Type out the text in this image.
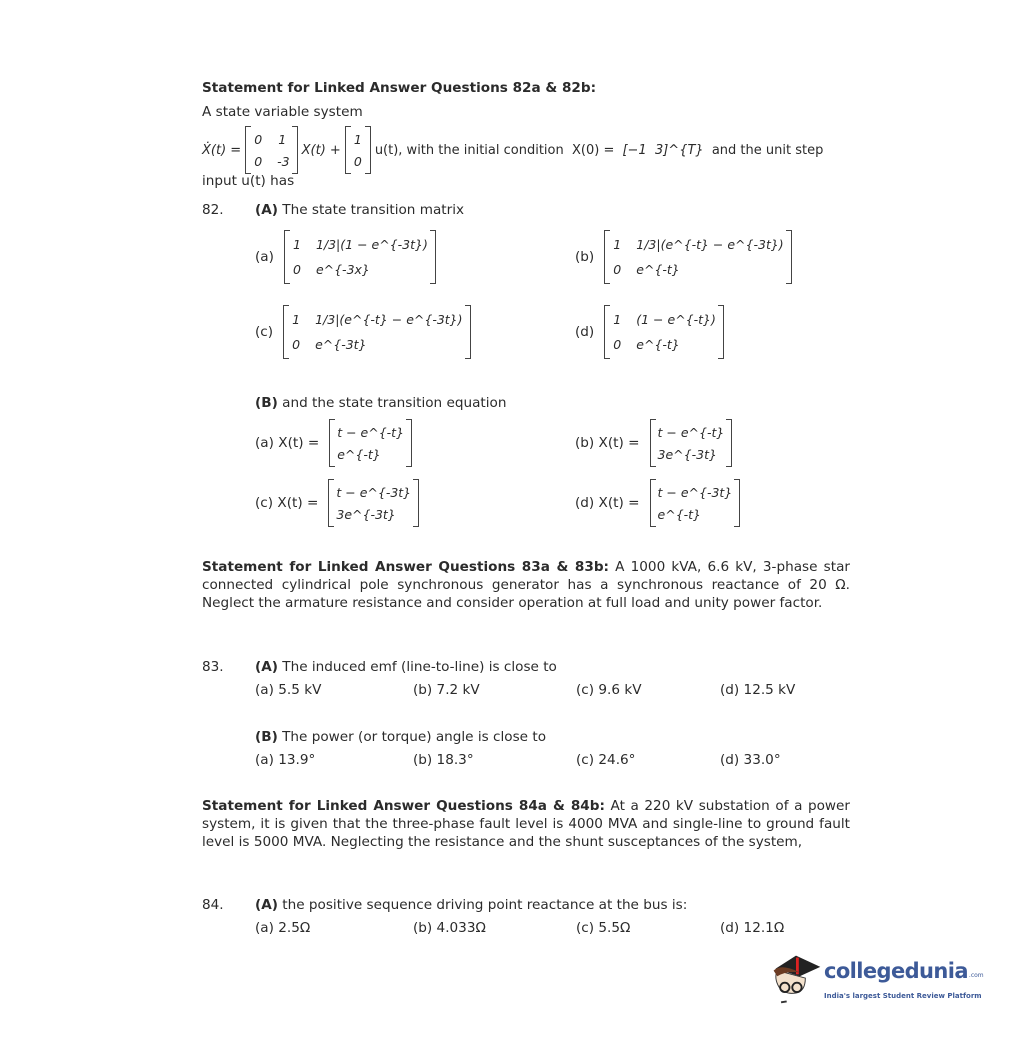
Statement for Linked Answer Questions 82a & 82b:
A state variable system
Ẋ(t) =
0 1
0 -3
X(t) +
1
0
u(t), with the initial condition  X(0) = [−1  3]^{T} and the unit step
input u(t) has
82. (A) The state transition matrix
(a)
1 1/3|(1 − e^{-3t})
0 e^{-3x}
(b)
1 1/3|(e^{-t} − e^{-3t})
0 e^{-t}
(c)
1 1/3|(e^{-t} − e^{-3t})
0 e^{-3t}
(d)
1 (1 − e^{-t})
0 e^{-t}
(B) and the state transition equation
(a) X(t) =
t − e^{-t}
e^{-t}
(b) X(t) =
t − e^{-t}
3e^{-3t}
(c) X(t) =
t − e^{-3t}
3e^{-3t}
(d) X(t) =
t − e^{-3t}
e^{-t}
Statement for Linked Answer Questions 83a & 83b: A 1000 kVA, 6.6 kV, 3-phase star connected cylindrical pole synchronous generator has a synchronous reactance of 20 Ω. Neglect the armature resistance and consider operation at full load and unity power factor.
83. (A) The induced emf (line-to-line) is close to
(a) 5.5 kV	(b) 7.2 kV	(c) 9.6 kV	(d) 12.5 kV
(B) The power (or torque) angle is close to
(a) 13.9°	(b) 18.3°	(c) 24.6°	(d) 33.0°
Statement for Linked Answer Questions 84a & 84b: At a 220 kV substation of a power system, it is given that the three-phase fault level is 4000 MVA and single-line to ground fault level is 5000 MVA. Neglecting the resistance and the shunt susceptances of the system,
84. (A) the positive sequence driving point reactance at the bus is:
(a) 2.5Ω	(b) 4.033Ω	(c) 5.5Ω	(d) 12.1Ω
collegedunia .com
India's largest Student Review Platform
